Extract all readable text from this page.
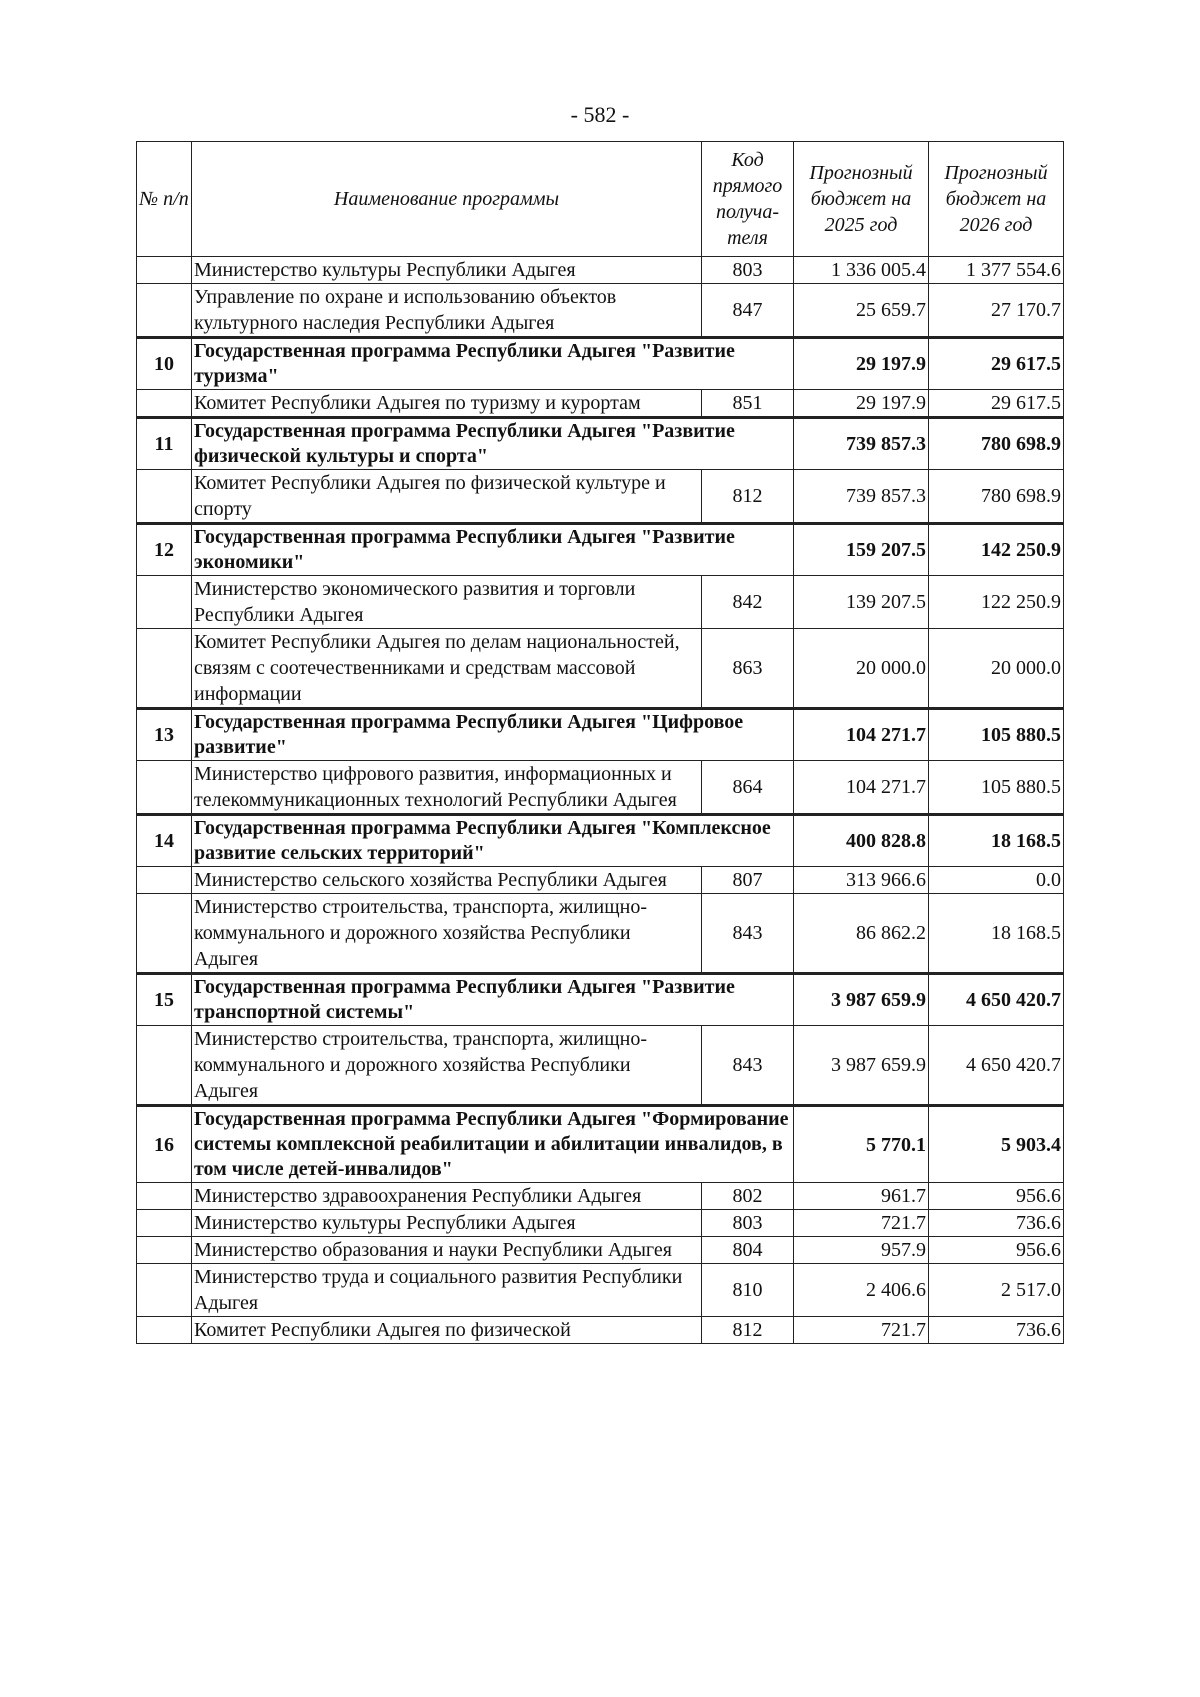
- 582 -
№ п/п	Наименование программы	Код прямого получа-теля	Прогнозный бюджет на 2025 год	Прогнозный бюджет на 2026 год
	Министерство культуры Республики Адыгея	803	1 336 005.4	1 377 554.6
	Управление по охране и использованию объектов культурного наследия Республики Адыгея	847	25 659.7	27 170.7
10	Государственная программа Республики Адыгея "Развитие туризма"		29 197.9	29 617.5
	Комитет Республики Адыгея по туризму и курортам	851	29 197.9	29 617.5
11	Государственная программа Республики Адыгея "Развитие физической культуры и спорта"		739 857.3	780 698.9
	Комитет Республики Адыгея по физической культуре и спорту	812	739 857.3	780 698.9
12	Государственная программа Республики Адыгея "Развитие экономики"		159 207.5	142 250.9
	Министерство экономического развития и торговли Республики Адыгея	842	139 207.5	122 250.9
	Комитет Республики Адыгея по делам национальностей, связям с соотечественниками и средствам массовой информации	863	20 000.0	20 000.0
13	Государственная программа Республики Адыгея "Цифровое развитие"		104 271.7	105 880.5
	Министерство цифрового развития, информационных и телекоммуникационных технологий Республики Адыгея	864	104 271.7	105 880.5
14	Государственная программа Республики Адыгея "Комплексное развитие сельских территорий"		400 828.8	18 168.5
	Министерство сельского хозяйства Республики Адыгея	807	313 966.6	0.0
	Министерство строительства, транспорта, жилищно-коммунального и дорожного хозяйства Республики Адыгея	843	86 862.2	18 168.5
15	Государственная программа Республики Адыгея "Развитие транспортной системы"		3 987 659.9	4 650 420.7
	Министерство строительства, транспорта, жилищно-коммунального и дорожного хозяйства Республики Адыгея	843	3 987 659.9	4 650 420.7
16	Государственная программа Республики Адыгея "Формирование системы комплексной реабилитации и абилитации инвалидов, в том числе детей-инвалидов"		5 770.1	5 903.4
	Министерство здравоохранения Республики Адыгея	802	961.7	956.6
	Министерство культуры Республики Адыгея	803	721.7	736.6
	Министерство образования и науки Республики Адыгея	804	957.9	956.6
	Министерство труда и социального развития Республики Адыгея	810	2 406.6	2 517.0
	Комитет Республики Адыгея по физической	812	721.7	736.6
